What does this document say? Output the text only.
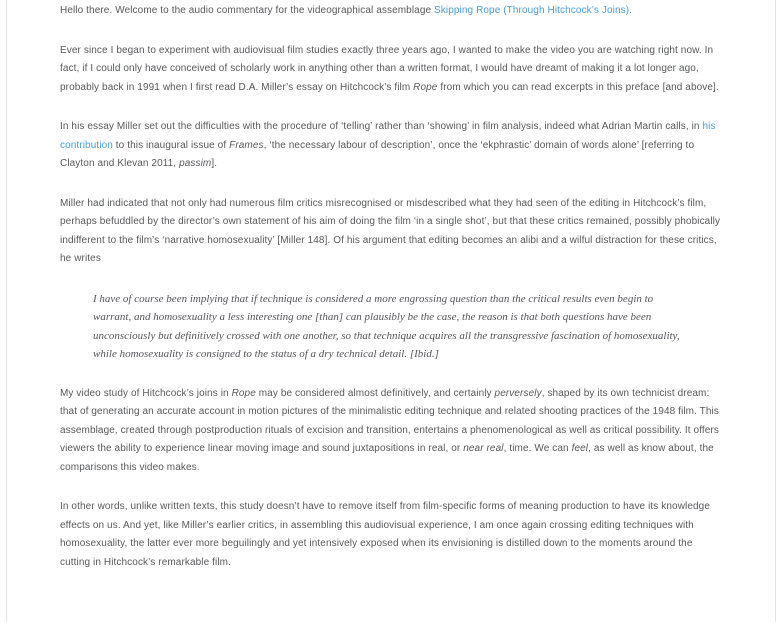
Hello there. Welcome to the audio commentary for the videographical assemblage Skipping Rope (Through Hitchcock’s Joins).

Ever since I began to experiment with audiovisual film studies exactly three years ago, I wanted to make the video you are watching right now. In fact, if I could only have conceived of scholarly work in anything other than a written format, I would have dreamt of making it a lot longer ago, probably back in 1991 when I first read D.A. Miller’s essay on Hitchcock’s film Rope from which you can read excerpts in this preface [and above].

In his essay Miller set out the difficulties with the procedure of ‘telling’ rather than ‘showing’ in film analysis, indeed what Adrian Martin calls, in his contribution to this inaugural issue of Frames, ‘the necessary labour of description’, once the ‘ekphrastic’ domain of words alone’ [referring to Clayton and Klevan 2011, passim].

Miller had indicated that not only had numerous film critics misrecognised or misdescribed what they had seen of the editing in Hitchcock’s film, perhaps befuddled by the director’s own statement of his aim of doing the film ‘in a single shot’, but that these critics remained, possibly phobically indifferent to the film’s ‘narrative homosexuality’ [Miller 148]. Of his argument that editing becomes an alibi and a wilful distraction for these critics, he writes

I have of course been implying that if technique is considered a more engrossing question than the critical results even begin to warrant, and homosexuality a less interesting one [than] can plausibly be the case, the reason is that both questions have been unconsciously but definitively crossed with one another, so that technique acquires all the transgressive fascination of homosexuality, while homosexuality is consigned to the status of a dry technical detail. [Ibid.]

My video study of Hitchcock’s joins in Rope may be considered almost definitively, and certainly perversely, shaped by its own technicist dream: that of generating an accurate account in motion pictures of the minimalistic editing technique and related shooting practices of the 1948 film. This assemblage, created through postproduction rituals of excision and transition, entertains a phenomenological as well as critical possibility. It offers viewers the ability to experience linear moving image and sound juxtapositions in real, or near real, time. We can feel, as well as know about, the comparisons this video makes.

In other words, unlike written texts, this study doesn’t have to remove itself from film-specific forms of meaning production to have its knowledge effects on us. And yet, like Miller’s earlier critics, in assembling this audiovisual experience, I am once again crossing editing techniques with homosexuality, the latter ever more beguilingly and yet intensively exposed when its envisioning is distilled down to the moments around the cutting in Hitchcock’s remarkable film.
